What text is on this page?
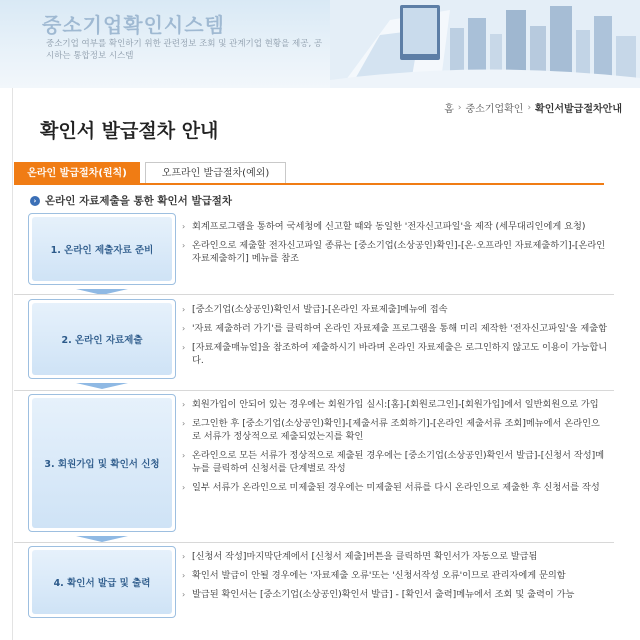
중소기업확인시스템
중소기업 여부를 확인하기 위한 관련정보 조회 및 관계기업 현황을 제공, 공시하는 통합정보 시스템
홈 › 중소기업확인 › 확인서발급절차안내
확인서 발급절차 안내
온라인 발급절차(원칙)	오프라인 발급절차(예외)
› 온라인 자료제출을 통한 확인서 발급절차
1. 온라인 제출자료 준비
› 회계프로그램을 통하여 국세청에 신고할 때와 동일한 '전자신고파일'을 제작 (세무대리인에게 요청)
› 온라인으로 제출할 전자신고파일 종류는 [중소기업(소상공인)확인]-[온·오프라인 자료제출하기]-[온라인 자료제출하기] 메뉴를 참조
2. 온라인 자료제출
› [중소기업(소상공인)확인서 발급]-[온라인 자료제출]메뉴에 접속
› '자료 제출하러 가기'를 클릭하여 온라인 자료제출 프로그램을 통해 미리 제작한 '전자신고파일'을 제출함
› [자료제출매뉴얼]을 참조하여 제출하시기 바라며 온라인 자료제출은 로그인하지 않고도 이용이 가능합니다.
3. 회원가입 및 확인서 신청
› 회원가입이 안되어 있는 경우에는 회원가입 실시:[홈]-[회원로그인]-[회원가입]에서 일반회원으로 가입
› 로그인한 후 [중소기업(소상공인)확인]-[제출서류 조회하기]-[온라인 제출서류 조회]메뉴에서 온라인으로 서류가 정상적으로 제출되었는지를 확인
› 온라인으로 모든 서류가 정상적으로 제출된 경우에는 [중소기업(소상공인)확인서 발급]-[신청서 작성]메뉴를 클릭하여 신청서를 단계별로 작성
› 일부 서류가 온라인으로 미제출된 경우에는 미제출된 서류를 다시 온라인으로 제출한 후 신청서를 작성
4. 확인서 발급 및 출력
› [신청서 작성]마지막단계에서 [신청서 제출]버튼을 클릭하면 확인서가 자동으로 발급됨
› 확인서 발급이 안될 경우에는 '자료제출 오류'또는 '신청서작성 오류'이므로 관리자에게 문의함
› 발급된 확인서는 [중소기업(소상공인)확인서 발급] - [확인서 출력]메뉴에서 조회 및 출력이 가능
